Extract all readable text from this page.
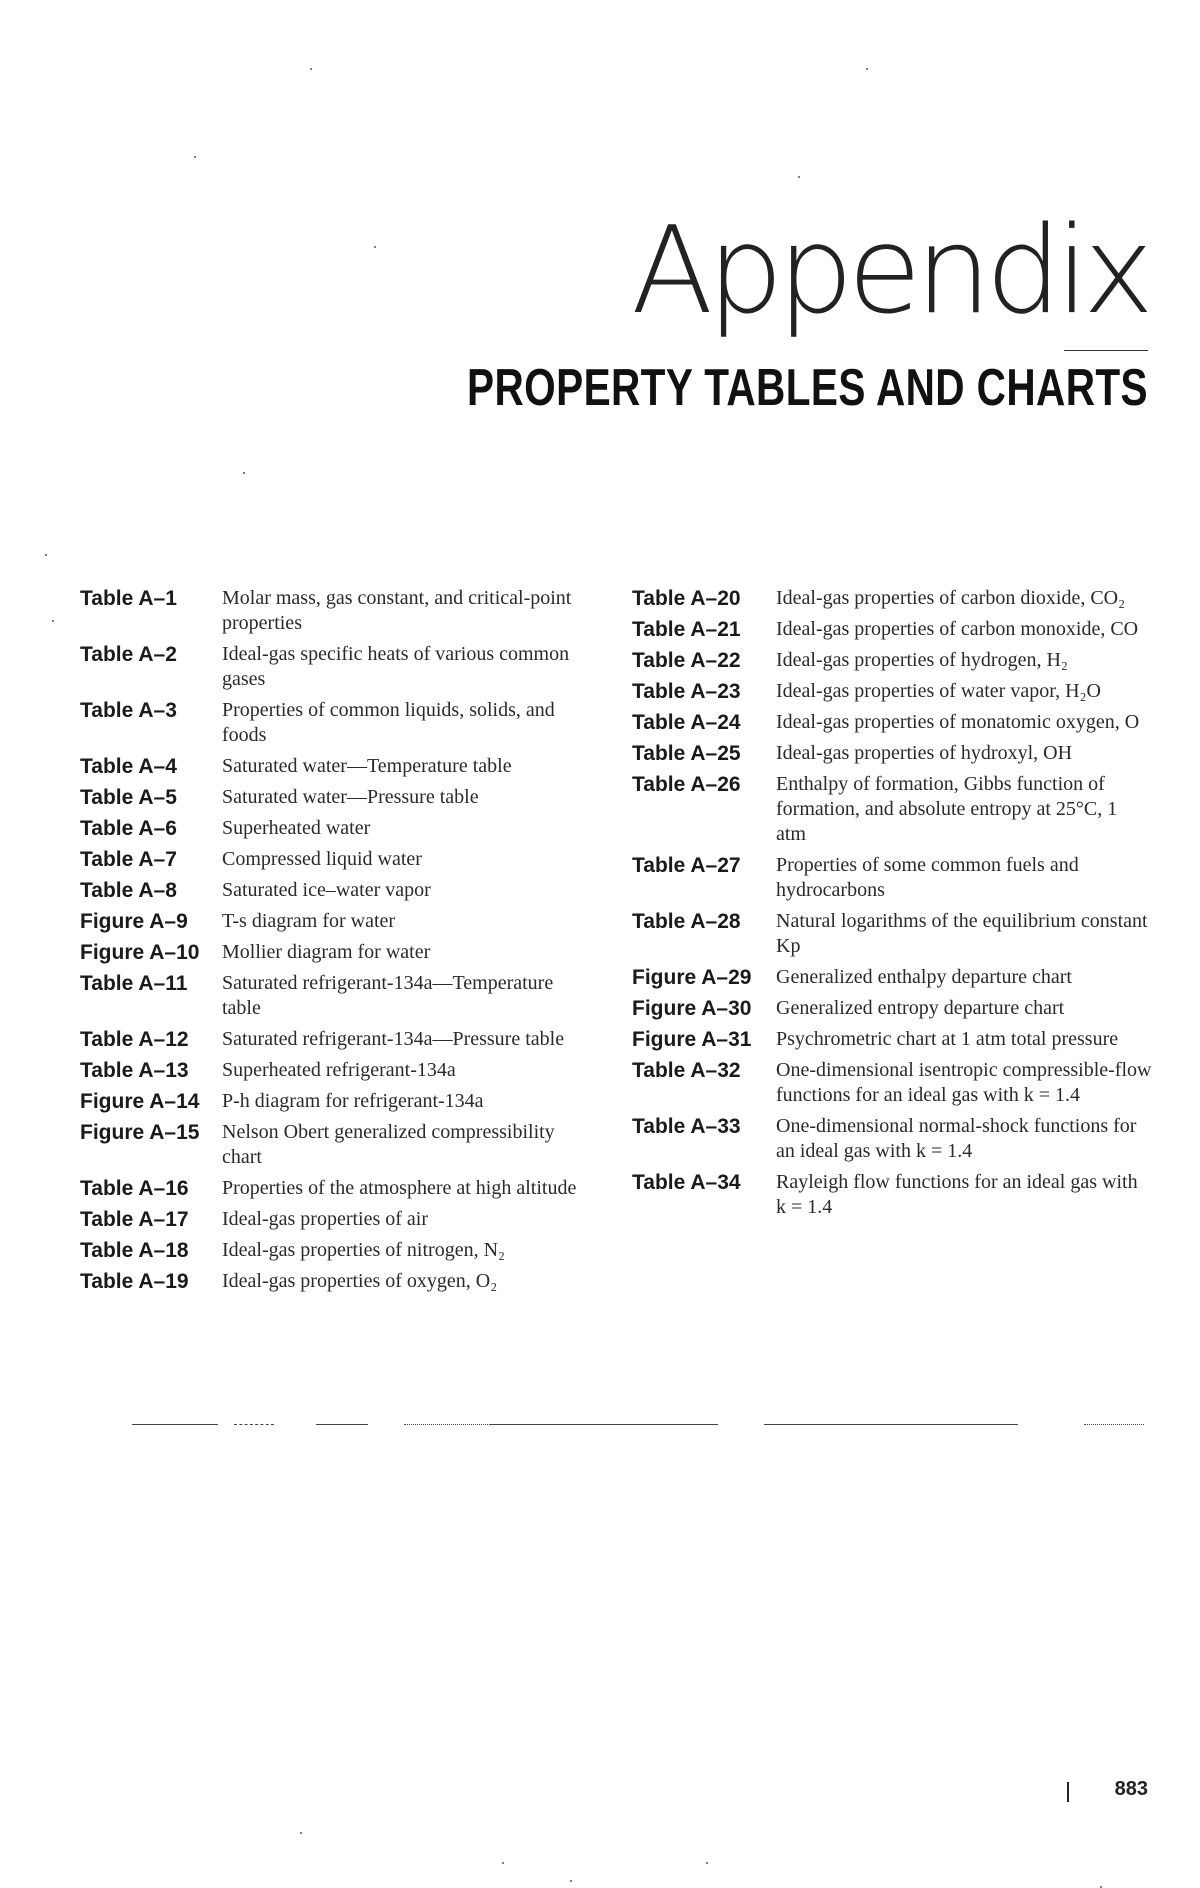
Appendix
PROPERTY TABLES AND CHARTS
Table A–1	Molar mass, gas constant, and critical-point properties
Table A–2	Ideal-gas specific heats of various common gases
Table A–3	Properties of common liquids, solids, and foods
Table A–4	Saturated water—Temperature table
Table A–5	Saturated water—Pressure table
Table A–6	Superheated water
Table A–7	Compressed liquid water
Table A–8	Saturated ice–water vapor
Figure A–9	T-s diagram for water
Figure A–10	Mollier diagram for water
Table A–11	Saturated refrigerant-134a—Temperature table
Table A–12	Saturated refrigerant-134a—Pressure table
Table A–13	Superheated refrigerant-134a
Figure A–14	P-h diagram for refrigerant-134a
Figure A–15	Nelson Obert generalized compressibility chart
Table A–16	Properties of the atmosphere at high altitude
Table A–17	Ideal-gas properties of air
Table A–18	Ideal-gas properties of nitrogen, N₂
Table A–19	Ideal-gas properties of oxygen, O₂
Table A–20	Ideal-gas properties of carbon dioxide, CO₂
Table A–21	Ideal-gas properties of carbon monoxide, CO
Table A–22	Ideal-gas properties of hydrogen, H₂
Table A–23	Ideal-gas properties of water vapor, H₂O
Table A–24	Ideal-gas properties of monatomic oxygen, O
Table A–25	Ideal-gas properties of hydroxyl, OH
Table A–26	Enthalpy of formation, Gibbs function of formation, and absolute entropy at 25°C, 1 atm
Table A–27	Properties of some common fuels and hydrocarbons
Table A–28	Natural logarithms of the equilibrium constant Kp
Figure A–29	Generalized enthalpy departure chart
Figure A–30	Generalized entropy departure chart
Figure A–31	Psychrometric chart at 1 atm total pressure
Table A–32	One-dimensional isentropic compressible-flow functions for an ideal gas with k = 1.4
Table A–33	One-dimensional normal-shock functions for an ideal gas with k = 1.4
Table A–34	Rayleigh flow functions for an ideal gas with k = 1.4
883
